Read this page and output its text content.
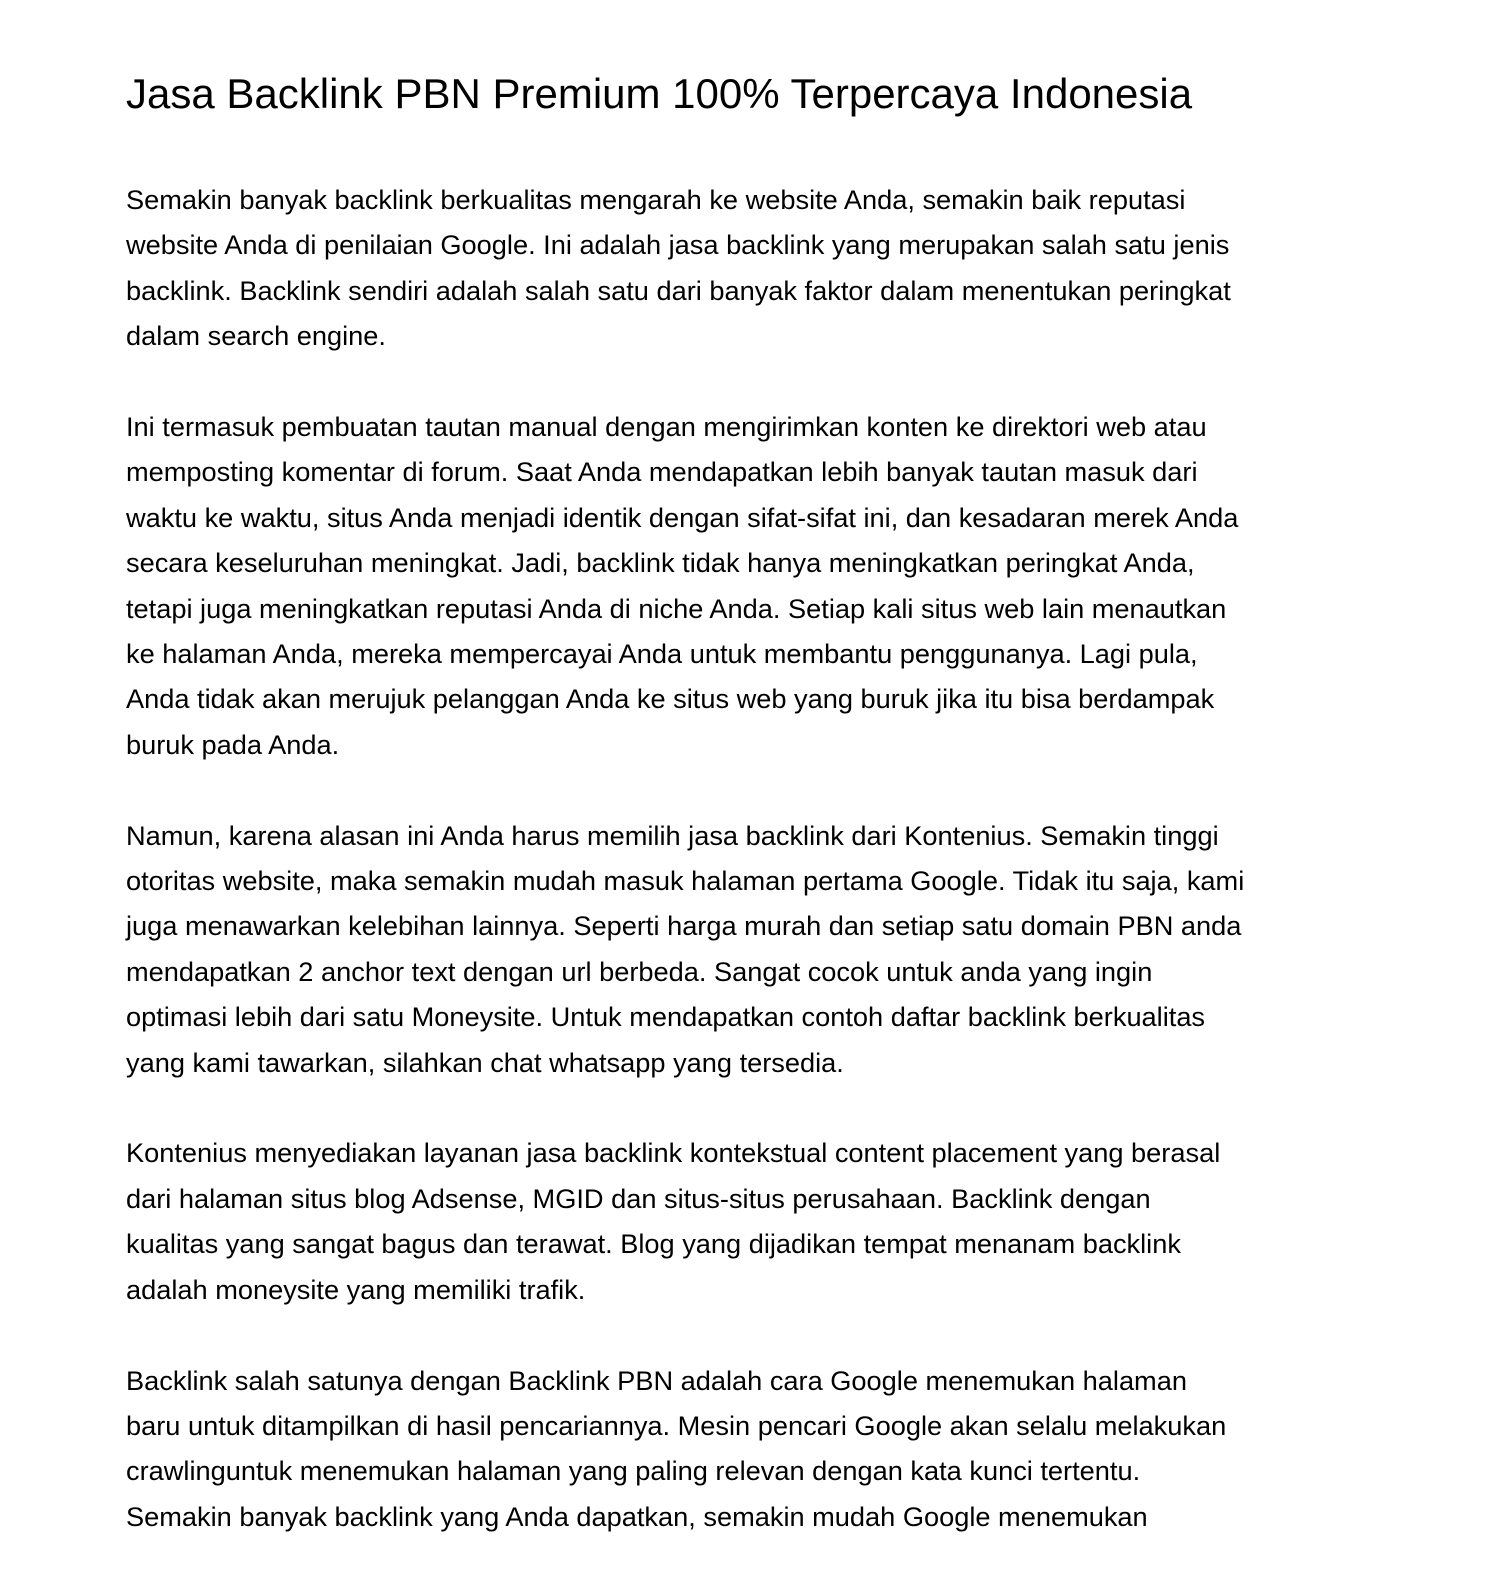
Jasa Backlink PBN Premium 100% Terpercaya Indonesia

Semakin banyak backlink berkualitas mengarah ke website Anda, semakin baik reputasi
website Anda di penilaian Google. Ini adalah jasa backlink yang merupakan salah satu jenis
backlink. Backlink sendiri adalah salah satu dari banyak faktor dalam menentukan peringkat
dalam search engine.

Ini termasuk pembuatan tautan manual dengan mengirimkan konten ke direktori web atau
memposting komentar di forum. Saat Anda mendapatkan lebih banyak tautan masuk dari
waktu ke waktu, situs Anda menjadi identik dengan sifat-sifat ini, dan kesadaran merek Anda
secara keseluruhan meningkat. Jadi, backlink tidak hanya meningkatkan peringkat Anda,
tetapi juga meningkatkan reputasi Anda di niche Anda. Setiap kali situs web lain menautkan
ke halaman Anda, mereka mempercayai Anda untuk membantu penggunanya. Lagi pula,
Anda tidak akan merujuk pelanggan Anda ke situs web yang buruk jika itu bisa berdampak
buruk pada Anda.

Namun, karena alasan ini Anda harus memilih jasa backlink dari Kontenius. Semakin tinggi
otoritas website, maka semakin mudah masuk halaman pertama Google. Tidak itu saja, kami
juga menawarkan kelebihan lainnya. Seperti harga murah dan setiap satu domain PBN anda
mendapatkan 2 anchor text dengan url berbeda. Sangat cocok untuk anda yang ingin
optimasi lebih dari satu Moneysite. Untuk mendapatkan contoh daftar backlink berkualitas
yang kami tawarkan, silahkan chat whatsapp yang tersedia.

Kontenius menyediakan layanan jasa backlink kontekstual content placement yang berasal
dari halaman situs blog Adsense, MGID dan situs-situs perusahaan. Backlink dengan
kualitas yang sangat bagus dan terawat. Blog yang dijadikan tempat menanam backlink
adalah moneysite yang memiliki trafik.

Backlink salah satunya dengan Backlink PBN adalah cara Google menemukan halaman
baru untuk ditampilkan di hasil pencariannya. Mesin pencari Google akan selalu melakukan
crawlinguntuk menemukan halaman yang paling relevan dengan kata kunci tertentu.
Semakin banyak backlink yang Anda dapatkan, semakin mudah Google menemukan
